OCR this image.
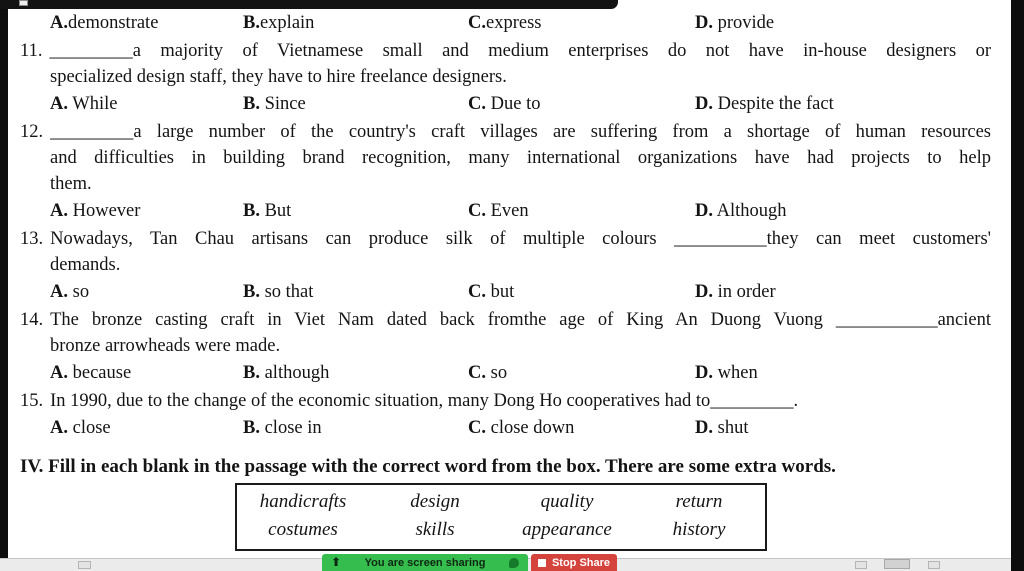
A.demonstrate	B.explain	C.express	D. provide
11. _________a majority of Vietnamese small and medium enterprises do not have in-house designers or
specialized design staff, they have to hire freelance designers.
A. While	B. Since	C. Due to	D. Despite the fact
12. _________a large number of the country's craft villages are suffering from a shortage of human resources
and difficulties in building brand recognition, many international organizations have had projects to help
them.
A. However	B. But	C. Even	D. Although
13. Nowadays, Tan Chau artisans can produce silk of multiple colours __________they can meet customers'
demands.
A. so	B. so that	C. but	D. in order
14. The bronze casting craft in Viet Nam dated back fromthe age of King An Duong Vuong ___________ancient
bronze arrowheads were made.
A. because	B. although	C. so	D. when
15. In 1990, due to the change of the economic situation, many Dong Ho cooperatives had to_________.
A. close	B. close in	C. close down	D. shut
IV. Fill in each blank in the passage with the correct word from the box. There are some extra words.
handicrafts	design	quality	return
costumes	skills	appearance	history
⬆	You are screen sharing	Stop Share
